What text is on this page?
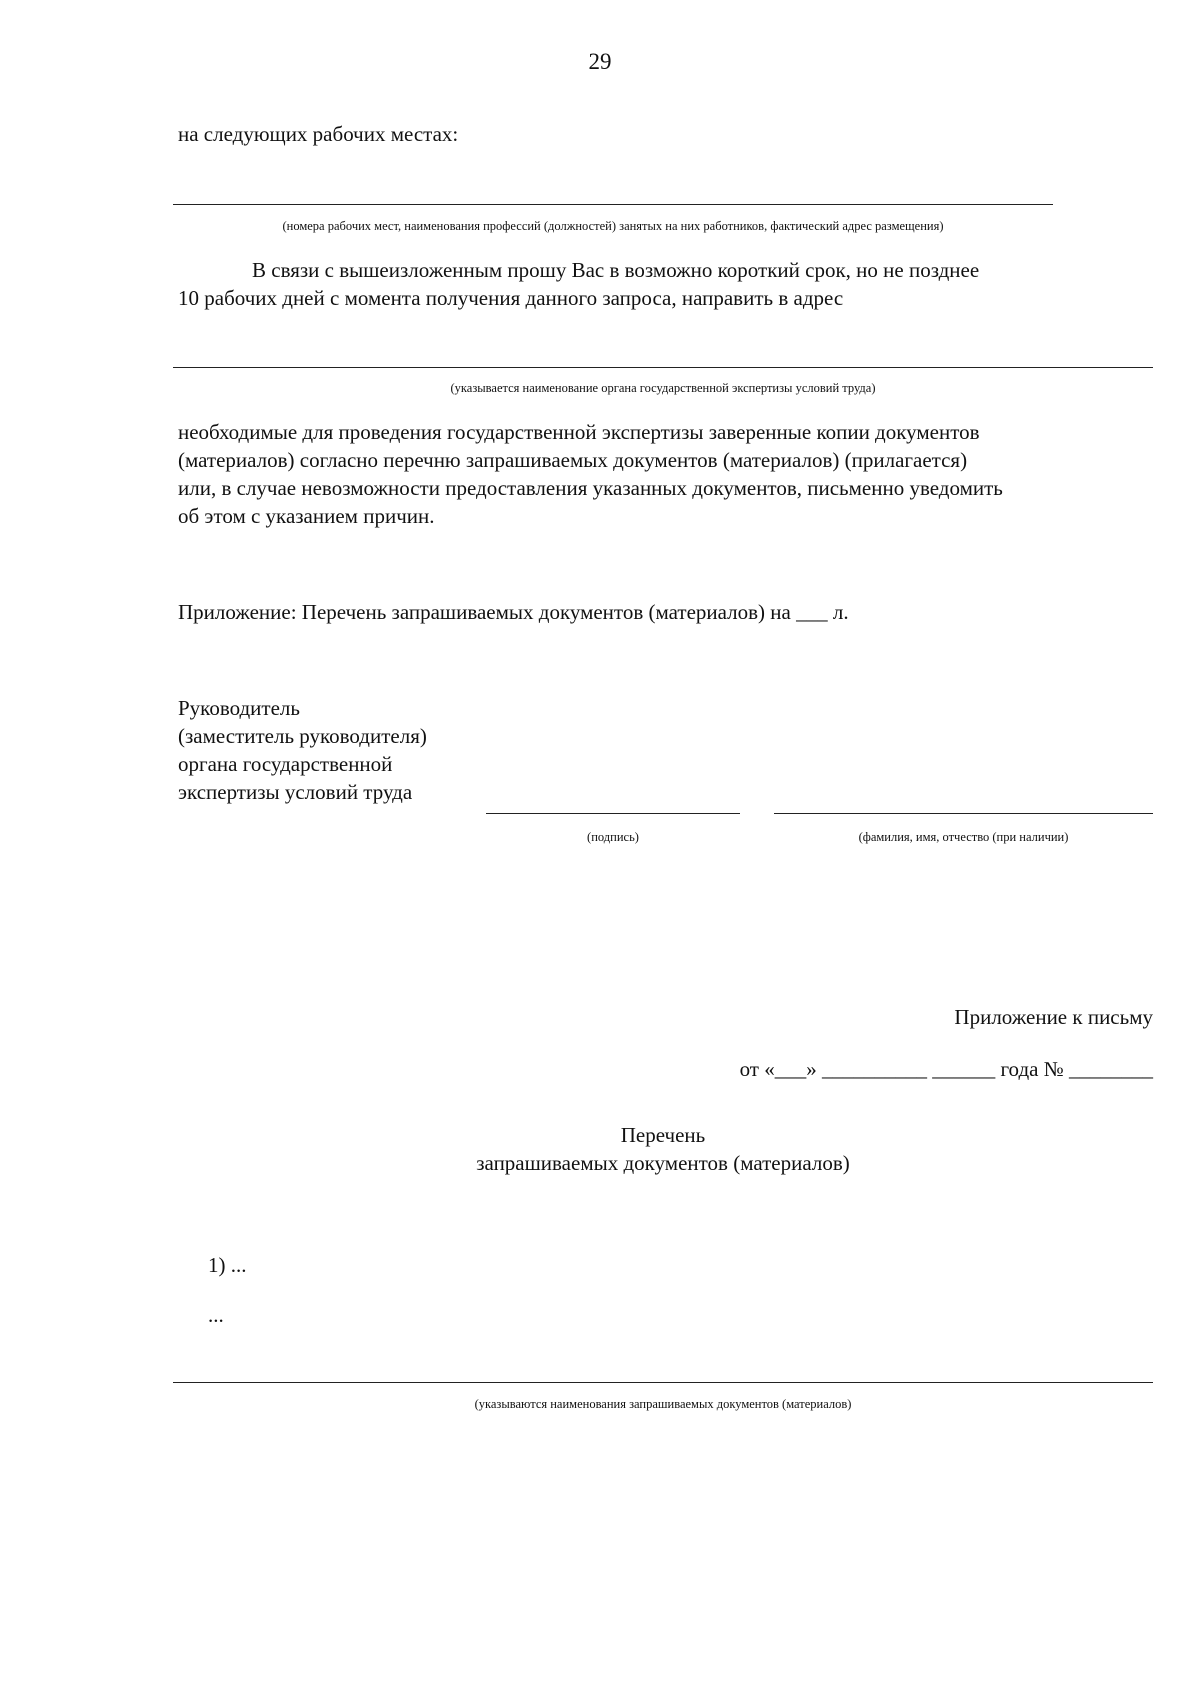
29
на следующих рабочих местах:
(номера рабочих мест, наименования профессий (должностей) занятых на них работников, фактический адрес размещения)
В связи с вышеизложенным прошу Вас в возможно короткий срок, но не позднее
10 рабочих дней с момента получения данного запроса, направить в адрес
(указывается наименование органа государственной экспертизы условий труда)
необходимые для проведения государственной экспертизы заверенные копии документов
(материалов) согласно перечню запрашиваемых документов (материалов) (прилагается)
или, в случае невозможности предоставления указанных документов, письменно уведомить
об этом с указанием причин.
Приложение: Перечень запрашиваемых документов (материалов) на ___ л.
Руководитель
(заместитель руководителя)
органа государственной
экспертизы условий труда
(подпись)	(фамилия, имя, отчество (при наличии)
Приложение к письму
от «___» __________ ______ года № ________
Перечень
запрашиваемых документов (материалов)
1) ...
...
(указываются наименования запрашиваемых документов (материалов)
